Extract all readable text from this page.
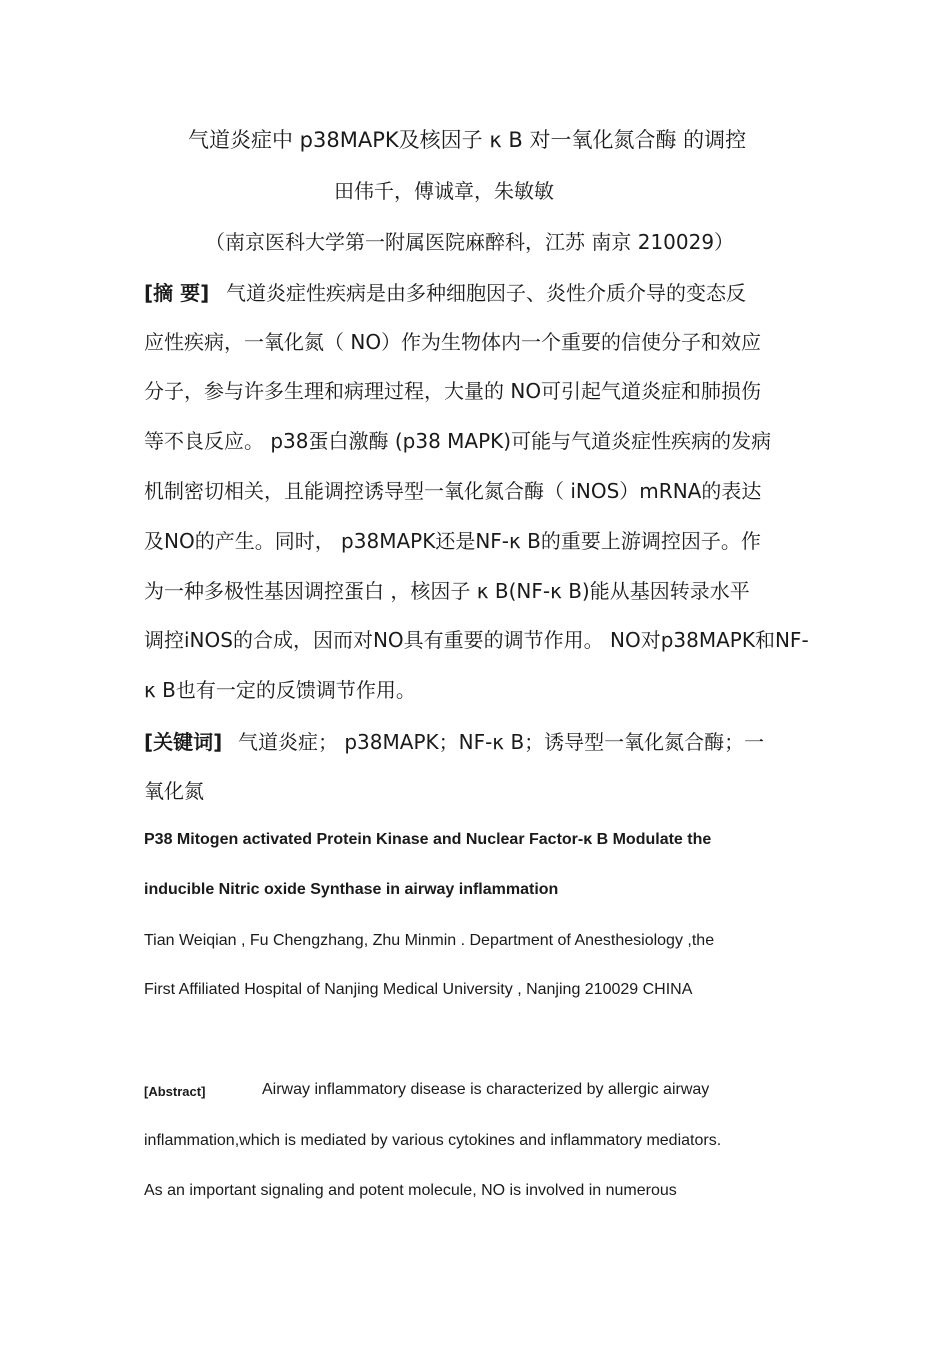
气道炎症中 p38MAPK及核因子 κ B 对一氧化氮合酶 的调控
田伟千，傅诚章，朱敏敏
（南京医科大学第一附属医院麻醉科，江苏 南京 210029）
[摘 要] 气道炎症性疾病是由多种细胞因子、炎性介质介导的变态反
应性疾病，一氧化氮（ NO）作为生物体内一个重要的信使分子和效应
分子，参与许多生理和病理过程，大量的 NO可引起气道炎症和肺损伤
等不良反应。 p38蛋白激酶 (p38 MAPK)可能与气道炎症性疾病的发病
机制密切相关，且能调控诱导型一氧化氮合酶（ iNOS）mRNA的表达
及NO的产生。同时， p38MAPK还是NF-κ B的重要上游调控因子。作
为一种多极性基因调控蛋白 ，核因子 κ B(NF-κ B)能从基因转录水平
调控iNOS的合成，因而对NO具有重要的调节作用。 NO对p38MAPK和NF-
κ B也有一定的反馈调节作用。
[关键词] 气道炎症； p38MAPK；NF-κ B；诱导型一氧化氮合酶；一
氧化氮
P38 Mitogen activated Protein Kinase and Nuclear Factor-κ B Modulate the
inducible Nitric oxide Synthase in airway inflammation
Tian Weiqian , Fu Chengzhang, Zhu Minmin . Department of Anesthesiology ,the
First Affiliated Hospital of Nanjing Medical University , Nanjing 210029 CHINA
[Abstract]	Airway inflammatory disease is characterized by allergic airway
inflammation,which is mediated by various cytokines and inflammatory mediators.
As an important signaling and potent molecule, NO is involved in numerous
